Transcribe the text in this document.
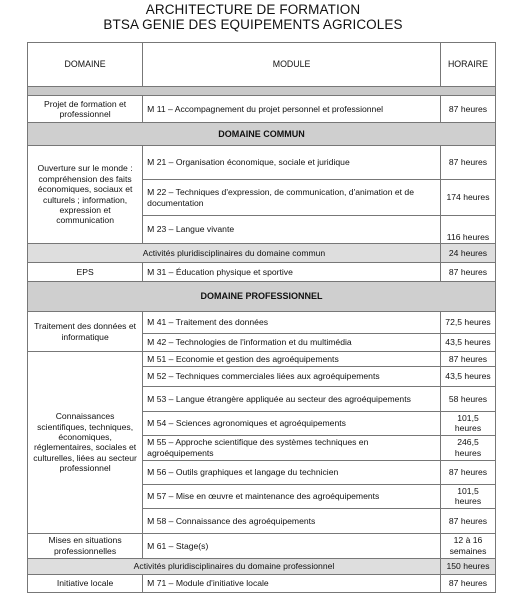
ARCHITECTURE DE FORMATION
BTSA GENIE DES EQUIPEMENTS AGRICOLES
DOMAINE	MODULE	HORAIRE

Projet de formation et professionnel	M 11 – Accompagnement du projet personnel et professionnel	87 heures
DOMAINE COMMUN		
Ouverture sur le monde : compréhension des faits économiques, sociaux et culturels ; information, expression et communication	M 21 – Organisation économique, sociale et juridique	87 heures
	M 22 – Techniques d'expression, de communication, d'animation et de documentation	174 heures
	M 23 – Langue vivante	116 heures
Activités pluridisciplinaires du domaine commun		24 heures
EPS	M 31 – Éducation physique et sportive	87 heures
DOMAINE PROFESSIONNEL		
Traitement des données et informatique	M 41 – Traitement des données	72,5 heures
	M 42 – Technologies de l'information et du multimédia	43,5 heures
Connaissances scientifiques, techniques, économiques, réglementaires, sociales et culturelles, liées au secteur professionnel	M 51 – Economie et gestion des agroéquipements	87 heures
	M 52 – Techniques commerciales liées aux agroéquipements	43,5 heures
	M 53 – Langue étrangère appliquée au secteur des agroéquipements	58 heures
	M 54 – Sciences agronomiques et agroéquipements	101,5 heures
	M 55 – Approche scientifique des systèmes techniques en agroéquipements	246,5 heures
	M 56 – Outils graphiques et langage du technicien	87 heures
	M 57 – Mise en œuvre et maintenance des agroéquipements	101,5 heures
	M 58 – Connaissance des agroéquipements	87 heures
Mises en situations professionnelles	M 61 – Stage(s)	12 à 16 semaines
Activités pluridisciplinaires du domaine professionnel		150 heures
Initiative locale	M 71 – Module d'initiative locale	87 heures
